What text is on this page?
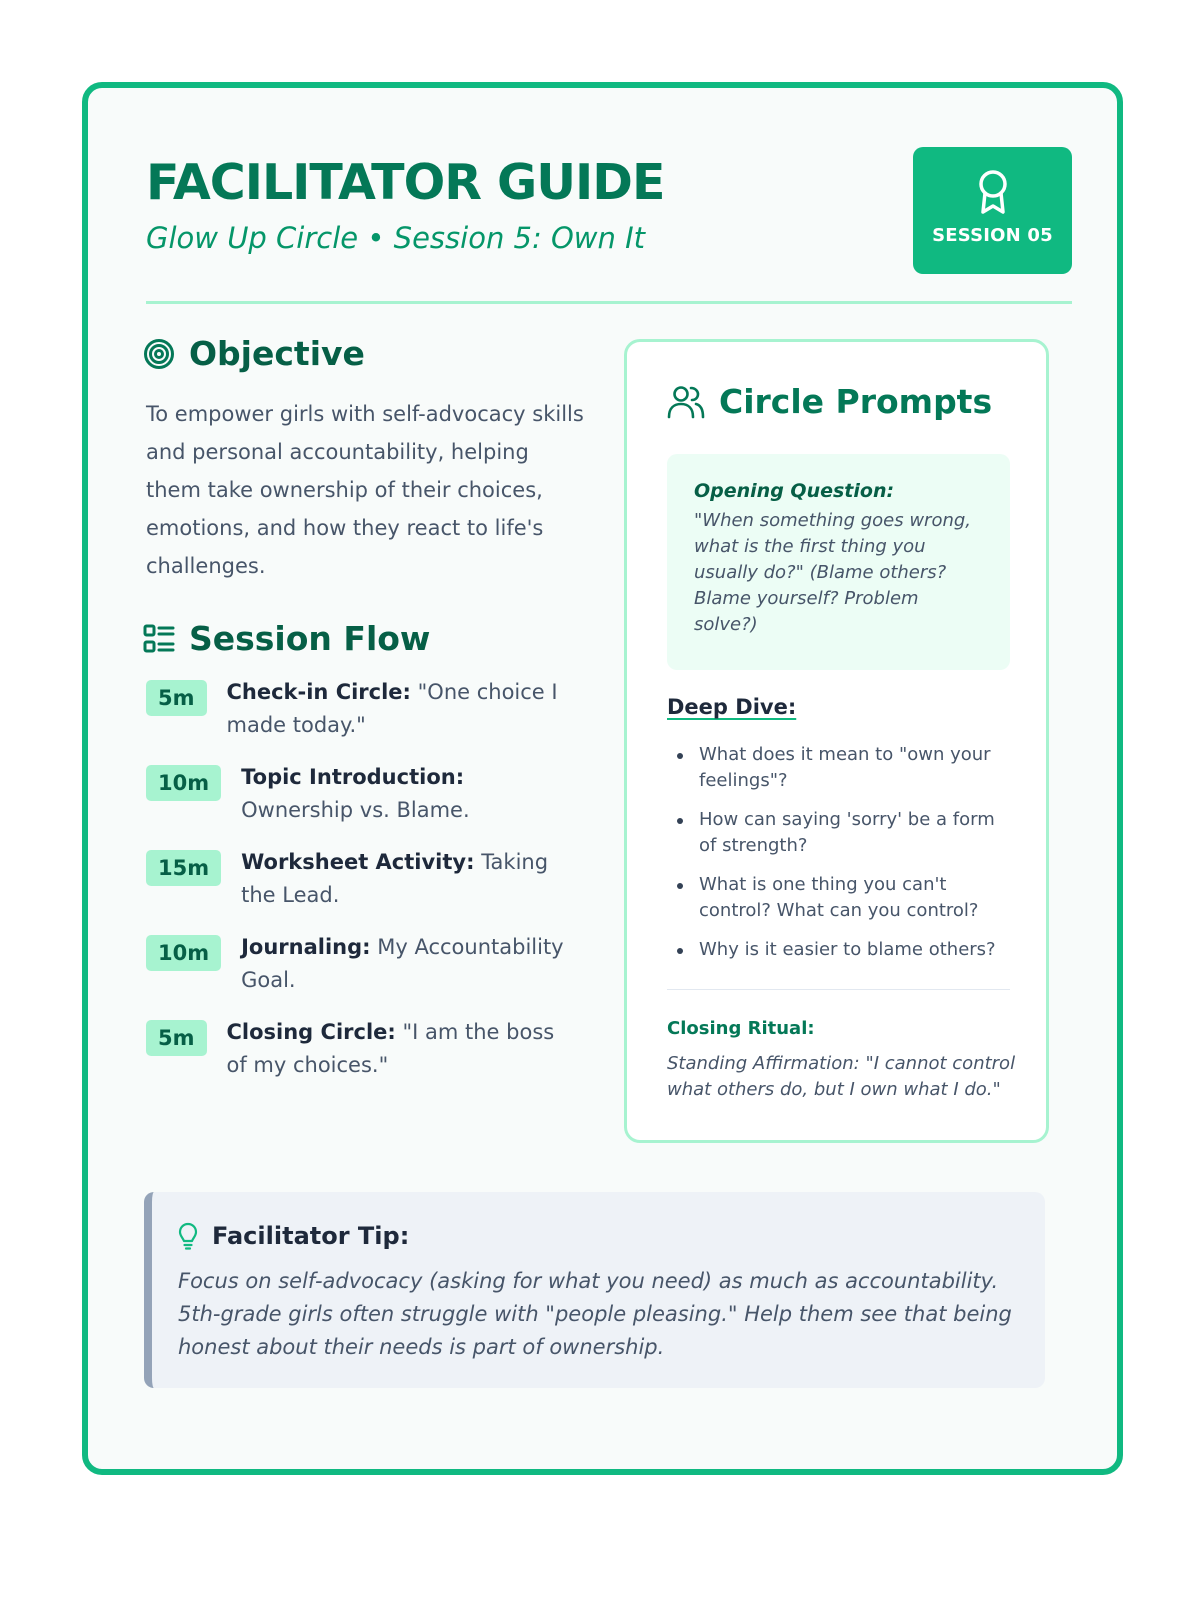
FACILITATOR GUIDE
Glow Up Circle • Session 5: Own It	SESSION 05
Objective
To empower girls with self-advocacy skills and personal accountability, helping them take ownership of their choices, emotions, and how they react to life's challenges.
Session Flow
5m	Check-in Circle: "One choice I made today."
10m	Topic Introduction: Ownership vs. Blame.
15m	Worksheet Activity: Taking the Lead.
10m	Journaling: My Accountability Goal.
5m	Closing Circle: "I am the boss of my choices."
Circle Prompts
Opening Question:
"When something goes wrong, what is the first thing you usually do?" (Blame others? Blame yourself? Problem solve?)
Deep Dive:
What does it mean to "own your feelings"?
How can saying 'sorry' be a form of strength?
What is one thing you can't control? What can you control?
Why is it easier to blame others?
Closing Ritual:
Standing Affirmation: "I cannot control what others do, but I own what I do."
Facilitator Tip:
Focus on self-advocacy (asking for what you need) as much as accountability. 5th-grade girls often struggle with "people pleasing." Help them see that being honest about their needs is part of ownership.
